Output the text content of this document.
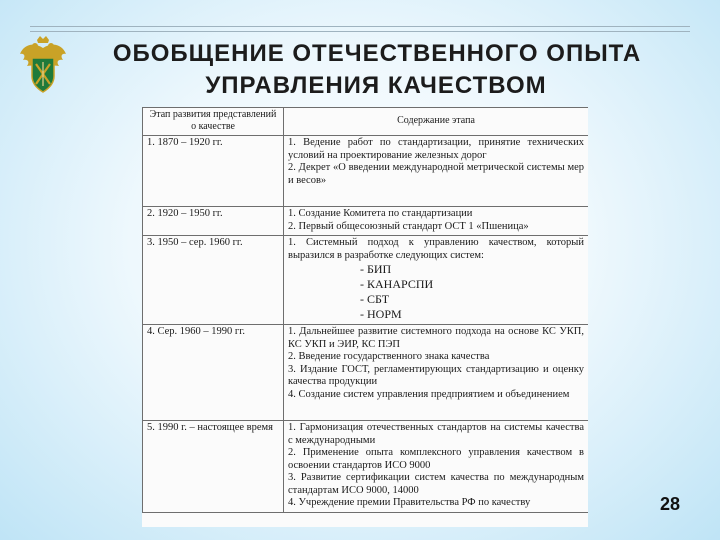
ОБОБЩЕНИЕ ОТЕЧЕСТВЕННОГО ОПЫТА
УПРАВЛЕНИЯ КАЧЕСТВОМ
Этап развития представлений о качестве	Содержание этапа
1. 1870 – 1920 гг.	1. Ведение работ по стандартизации, принятие технических условий на проектирование железных дорог
2. Декрет «О введении международной метрической системы мер и весов»

2. 1920 – 1950 гг.	1. Создание Комитета по стандартизации
2. Первый общесоюзный стандарт ОСТ 1 «Пшеница»

3. 1950 – сер. 1960 гг.	1. Системный подход к управлению качеством, который выразился в разработке следующих систем:
- БИП
- КАНАРСПИ
- СБТ
- НОРМ

4. Сер. 1960 – 1990 гг.	1. Дальнейшее развитие системного подхода на основе КС УКП, КС УКП и ЭИР, КС ПЭП
2. Введение государственного знака качества
3. Издание ГОСТ, регламентирующих стандартизацию и оценку качества продукции
4. Создание систем управления предприятием и объединением

5. 1990 г. – настоящее время	1. Гармонизация отечественных стандартов на системы качества с международными
2. Применение опыта комплексного управления качеством в освоении стандартов ИСО 9000
3. Развитие сертификации систем качества по международным стандартам ИСО 9000, 14000
4. Учреждение премии Правительства РФ по качеству	28
